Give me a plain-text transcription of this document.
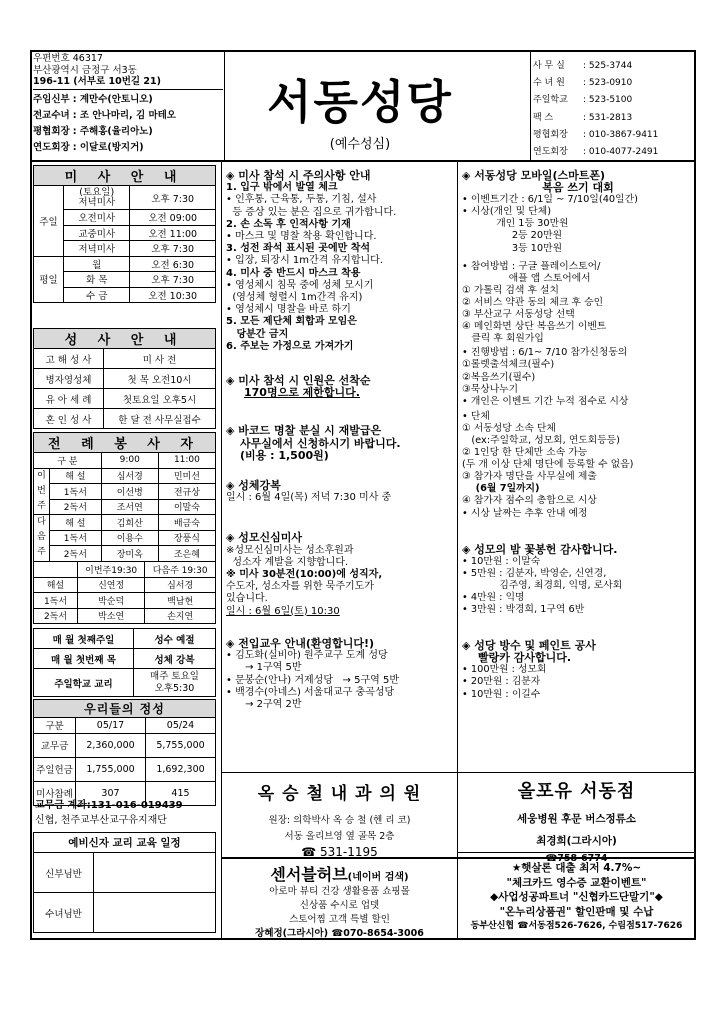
우편번호 46317
부산광역시 금정구 서3동
196-11 (서부로 10번길 21)
주임신부 : 계만수(안토니오)
전교수녀 : 조 안나마리, 김 마테오
평협회장 : 주해홍(율리아노)
연도회장 : 이달로(방지거)
서동성당
(예수성심)
사 무 실 : 525-3744
수 녀 원 : 523-0910
주일학교 : 523-5100
팩 스	: 531-2813
평협회장 : 010-3867-9411
연도회장 : 010-4077-2491
미 사 안 내		
주일	(토요일)
저녁미사	오후 7:30
	오전미사	오전 09:00
	교중미사	오전 11:00
	저녁미사	오후 7:30
평일	월	오전 6:30
	화 목	오후 7:30
	수 금	오전 10:30
성 사 안 내	
고 해 성 사	미 사 전
병자영성체	첫 목 오전10시
유 아 세 례	첫토요일 오후5시
혼 인 성 사	한 달 전 사무실접수
전 례 봉 사 자			
구 분		9:00	11:00
이
번
주	해 설	심서경	민미선
	1독서	이선병	전규상
	2독서	조서연	이말숙
다
음
주	해 설	김희산	배금숙
	1독서	이용수	장풍식
	2독서	장미옥	조은혜
	이번주19:30	다음주 19:30
해설	신연정	심서경
1독서	박순덕	백남현
2독서	박소연	손지연
매 월 첫째주일	성수 예절
매 월 첫번째 목	성체 강복
주일학교 교리	매주 토요일
오후5:30
우리들의 정성		
구분	05/17	05/24
교무금	2,360,000	5,755,000
주일헌금	1,755,000	1,692,300
미사참례	307	415
교무금 계좌:131-016-019439
신협, 천주교부산교구유지재단
예비신자 교리 교육 일정	
신부님반	
수녀님반	
◈ 미사 참석 시 주의사항 안내
1. 입구 밖에서 발열 체크
• 인후통, 근육통, 두통, 기침, 설사
등 증상 있는 분은 집으로 귀가합니다.
2. 손 소독 후 인적사항 기재
• 마스크 및 명찰 착용 확인합니다.
3. 성전 좌석 표시된 곳에만 착석
• 입장, 퇴장시 1m간격 유지합니다.
4. 미사 중 반드시 마스크 착용
• 영성체시 침묵 중에 성체 모시기
(영성체 형렬시 1m간격 유지)
• 영성체시 명찰을 바로 하기
5. 모든 제단체 회합과 모임은
당분간 금지
6. 주보는 가정으로 가져가기
◈ 미사 참석 시 인원은 선착순
170명으로 제한합니다.
◈ 바코드 명찰 분실 시 재발급은
사무실에서 신청하시기 바랍니다.
(비용 : 1,500원)
◈ 성체강복
일시 : 6월 4일(목) 저녁 7:30 미사 중
◈ 성모신심미사
※성모신심미사는 성소후원과
성소자 계발을 지향합니다.
※ 미사 30분전(10:00)에 성직자,
수도자, 성소자를 위한 묵주기도가
있습니다.
일시 : 6월 6일(토) 10:30
◈ 전입교우 안내(환영합니다!)
• 김도화(실비아) 원주교구 도계 성당
→ 1구역 5반
• 문봉순(안나) 거제성당   → 5구역 5반
• 백경수(아네스) 서울대교구 충곡성당
→ 2구역 2반
◈ 서동성당 모바일(스마트폰)
복음 쓰기 대회
• 이벤트기간 : 6/1일 ~ 7/10일(40일간)
• 시상(개인 및 단체)
개인 1등 30만원
2등 20만원
3등 10만원
• 참여방법 : 구글 플레이스토어/
애플 앱 스토어에서
① 가톨릭 검색 후 설치
② 서비스 약관 동의 체크 후 승인
③ 부산교구 서동성당 선택
④ 메인화면 상단 복음쓰기 이벤트
클릭 후 회원가입
• 진행방법 : 6/1~ 7/10 참가신청동의
①롤렛출석체크(필수)
②복음쓰기(필수)
③묵상나누기
• 개인은 이벤트 기간 누적 점수로 시상
• 단체
① 서동성당 소속 단체
(ex:주일학교, 성모회, 연도회등등)
② 1인당 한 단체만 소속 가능
(두 개 이상 단체 명단에 등록할 수 없음)
③ 참가자 명단을 사무실에 제출
(6월 7일까지)
④ 참가자 점수의 총합으로 시상
• 시상 날짜는 추후 안내 예정
◈ 성모의 밤 꽃봉헌 감사합니다.
• 10만원 : 이말숙
• 5만원 : 김분자, 박영순, 신연경,
김주영, 최경희, 익명, 로사회
• 4만원 : 익명
• 3만원 : 박경희, 1구역 6반
◈ 성당 방수 및 페인트 공사
빨랑카 감사합니다.
• 100만원 : 성모회
• 20만원 : 김분자
• 10만원 : 이길수
옥 승 철 내 과 의 원
원장: 의학박사 옥 승 철 (헨 리 코)
서동 올리브영 옆 골목 2층
☎ 531-1195
센서블허브(네이버 검색)
아로마 뷰티 건강 생활용품 쇼핑몰
신상품 수시로 업뎃
스토어찜 고객 특별 할인
장혜정(그라시아) ☎070-8654-3006
올포유 서동점
세웅병원 후문 버스정류소
최경희(그라시아)
☎758-6774
★햇살론 대출 최저 4.7%~
"체크카드 영수증 교환이벤트"
◆사업성공파트너 "신협카드단말기"◆
"온누리상품권" 할인판매 및 수납
동부산신협 ☎서동점526-7626, 수림점517-7626
